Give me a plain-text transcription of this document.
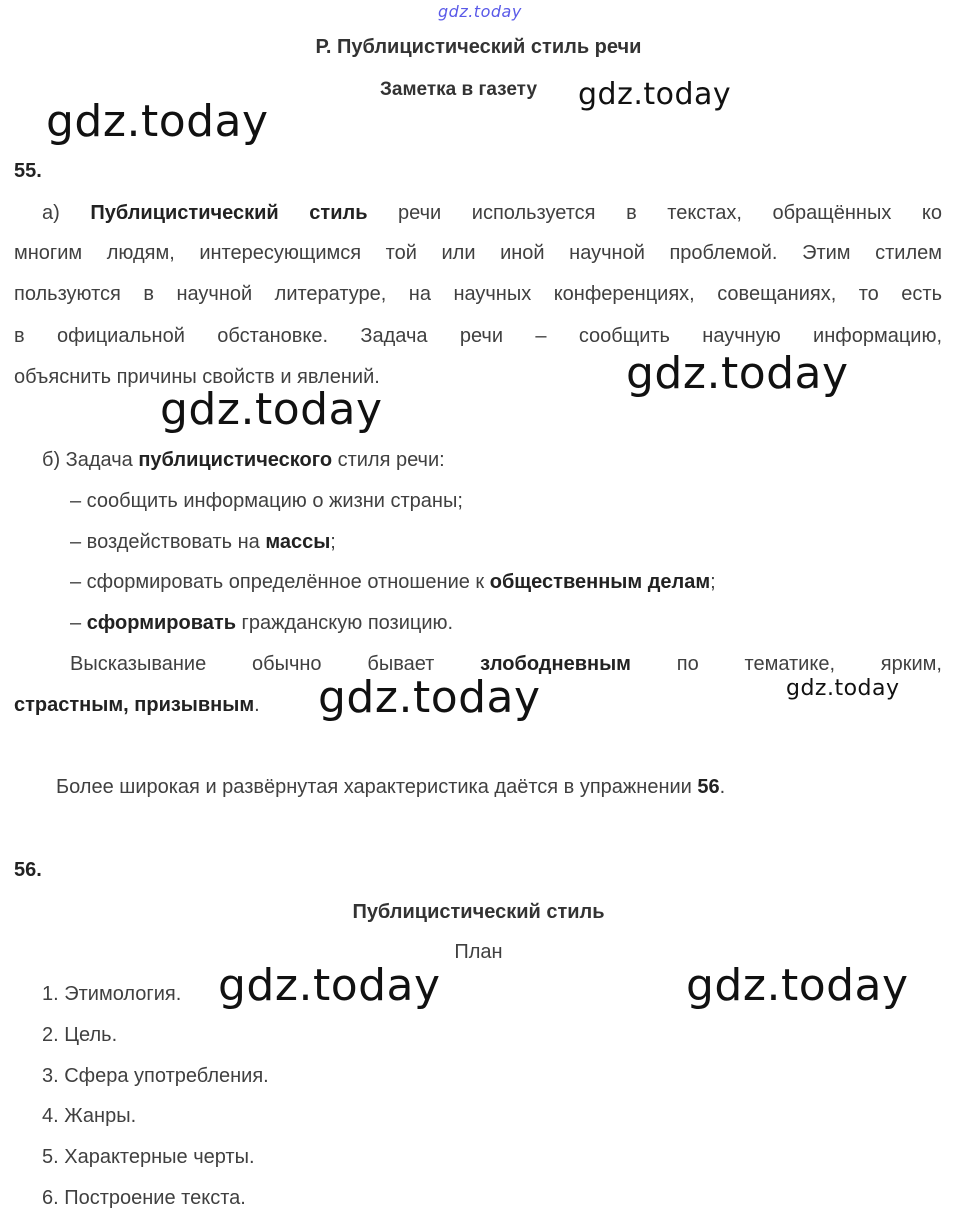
gdz.today
gdz.today
gdz.today
gdz.today
gdz.today
gdz.today	gdz.today
gdz.today	gdz.today
Р. Публицистический стиль речи
Заметка в газету
55.
а) Публицистический стиль речи используется в текстах, обращённых ко
многим людям, интересующимся той или иной научной проблемой. Этим стилем
пользуются в научной литературе, на научных конференциях, совещаниях, то есть
в официальной обстановке. Задача речи – сообщить научную информацию,
объяснить причины свойств и явлений.
б) Задача публицистического стиля речи:
– сообщить информацию о жизни страны;
– воздействовать на массы;
– сформировать определённое отношение к общественным делам;
– сформировать гражданскую позицию.
Высказывание обычно бывает злободневным по тематике, ярким,
страстным, призывным.
Более широкая и развёрнутая характеристика даётся в упражнении 56.
56.
Публицистический стиль
План
1. Этимология.
2. Цель.
3. Сфера употребления.
4. Жанры.
5. Характерные черты.
6. Построение текста.
